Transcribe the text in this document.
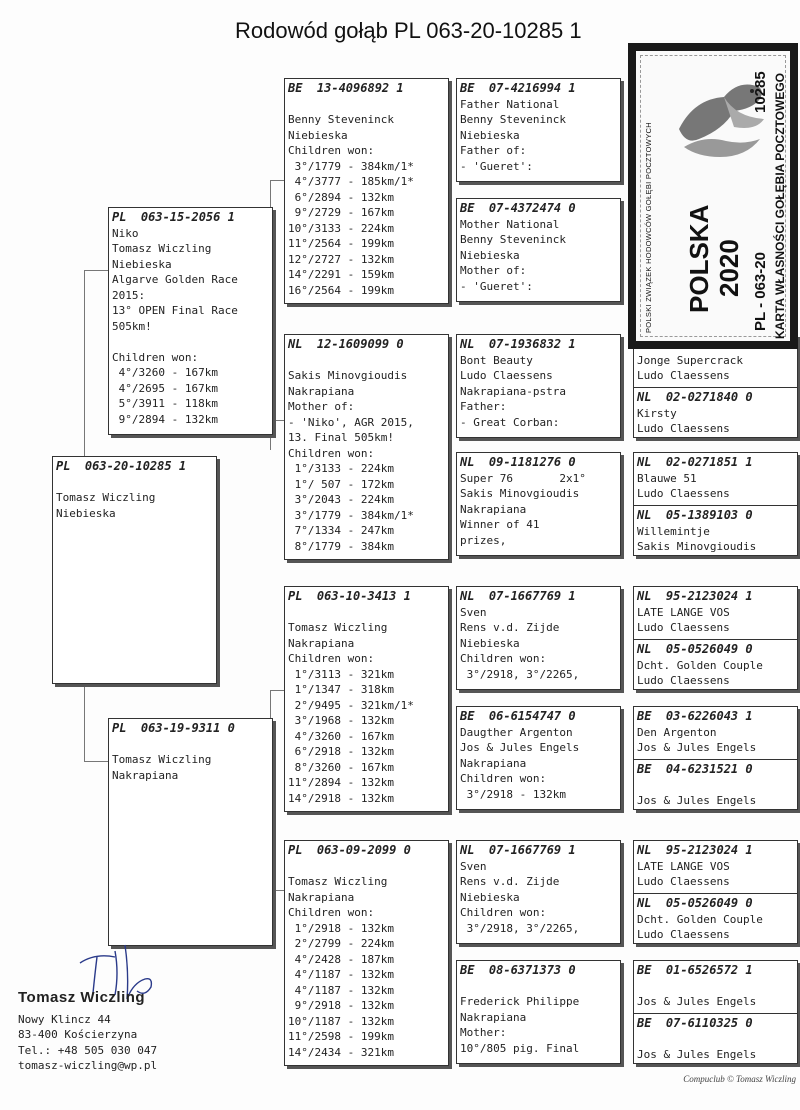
Rodowód gołąb PL 063-20-10285 1
PL  063-20-10285 1

Tomasz Wiczling
Niebieska
PL  063-15-2056 1
Niko
Tomasz Wiczling
Niebieska
Algarve Golden Race
2015:
13° OPEN Final Race
505km!

Children won:
4°/3260 - 167km
4°/2695 - 167km
5°/3911 - 118km
9°/2894 - 132km
PL  063-19-9311 0

Tomasz Wiczling
Nakrapiana
BE  13-4096892 1

Benny Steveninck
Niebieska
Children won:
3°/1779 - 384km/1*
4°/3777 - 185km/1*
6°/2894 - 132km
9°/2729 - 167km
10°/3133 - 224km
11°/2564 - 199km
12°/2727 - 132km
14°/2291 - 159km
16°/2564 - 199km
NL  12-1609099 0

Sakis Minovgioudis
Nakrapiana
Mother of:
- 'Niko', AGR 2015,
13. Final 505km!
Children won:
1°/3133 - 224km
1°/ 507 - 172km
3°/2043 - 224km
3°/1779 - 384km/1*
7°/1334 - 247km
8°/1779 - 384km
PL  063-10-3413 1

Tomasz Wiczling
Nakrapiana
Children won:
1°/3113 - 321km
1°/1347 - 318km
2°/9495 - 321km/1*
3°/1968 - 132km
4°/3260 - 167km
6°/2918 - 132km
8°/3260 - 167km
11°/2894 - 132km
14°/2918 - 132km
PL  063-09-2099 0

Tomasz Wiczling
Nakrapiana
Children won:
1°/2918 - 132km
2°/2799 - 224km
4°/2428 - 187km
4°/1187 - 132km
4°/1187 - 132km
9°/2918 - 132km
10°/1187 - 132km
11°/2598 - 199km
14°/2434 - 321km
BE  07-4216994 1
Father National
Benny Steveninck
Niebieska
Father of:
- 'Gueret':
BE  07-4372474 0
Mother National
Benny Steveninck
Niebieska
Mother of:
- 'Gueret':
NL  07-1936832 1
Bont Beauty
Ludo Claessens
Nakrapiana-pstra
Father:
- Great Corban:
NL  09-1181276 0
Super 76       2x1°
Sakis Minovgioudis
Nakrapiana
Winner of 41
prizes,
NL  07-1667769 1
Sven
Rens v.d. Zijde
Niebieska
Children won:
3°/2918, 3°/2265,
BE  06-6154747 0
Daugther Argenton
Jos & Jules Engels
Nakrapiana
Children won:
3°/2918 - 132km
NL  07-1667769 1
Sven
Rens v.d. Zijde
Niebieska
Children won:
3°/2918, 3°/2265,
BE  08-6371373 0

Frederick Philippe
Nakrapiana
Mother:
10°/805 pig. Final
Jonge Supercrack
Ludo Claessens
NL  02-0271840 0
Kirsty
Ludo Claessens
NL  02-0271851 1
Blauwe 51
Ludo Claessens
NL  05-1389103 0
Willemintje
Sakis Minovgioudis
NL  95-2123024 1
LATE LANGE VOS
Ludo Claessens
NL  05-0526049 0
Dcht. Golden Couple
Ludo Claessens
BE  03-6226043 1
Den Argenton
Jos & Jules Engels
BE  04-6231521 0

Jos & Jules Engels
NL  95-2123024 1
LATE LANGE VOS
Ludo Claessens
NL  05-0526049 0
Dcht. Golden Couple
Ludo Claessens
BE  01-6526572 1

Jos & Jules Engels
BE  07-6110325 0

Jos & Jules Engels
POLSKI ZWIĄZEK HODOWCÓW GOŁĘBI POCZTOWYCH POLSKA 2020
10285
PL - 063-20 KARTA WŁASNOŚCI GOŁĘBIA POCZTOWEGO
Tomasz Wiczling
Nowy Klincz 44
83-400 Kościerzyna
Tel.: +48 505 030 047
tomasz-wiczling@wp.pl
Compuclub © Tomasz Wiczling
